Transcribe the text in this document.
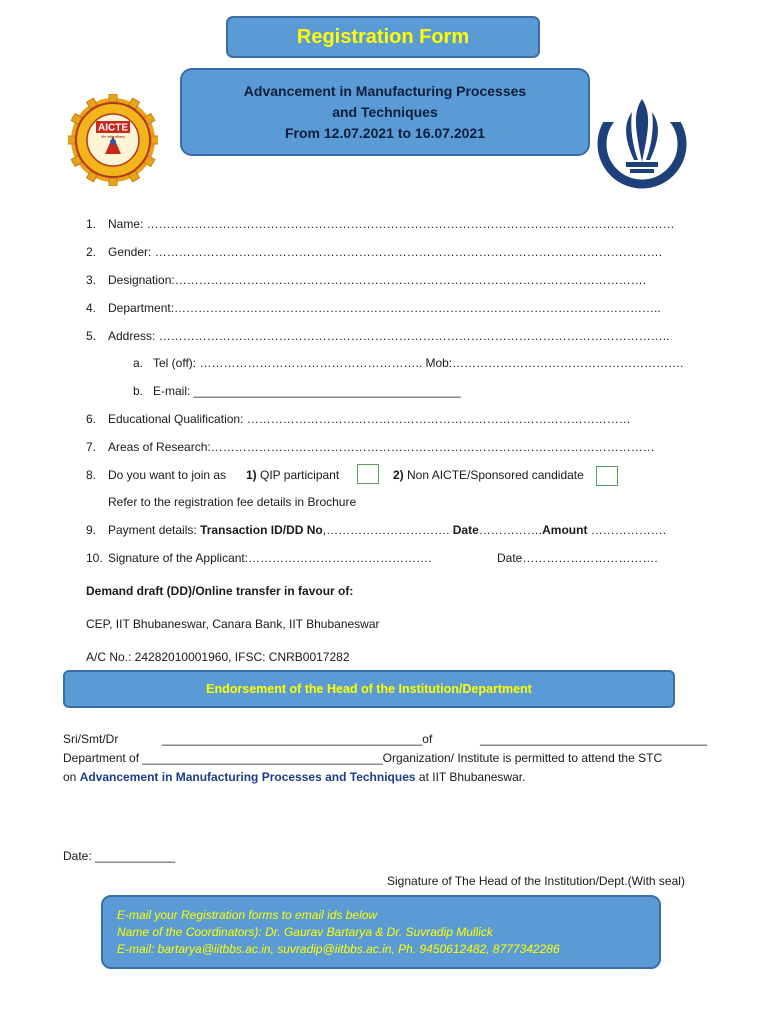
Registration Form
Advancement in Manufacturing Processes
and Techniques
From 12.07.2021 to 16.07.2021
AICTE
योग: कर्मसु कौशलम्
1. Name: ……………………………………………………………………………………………………………………
2. Gender: ……………………………………………………………………………………………………………….
3. Designation:……………………………………………………………………………………………………….
4. Department:…………………………………………………………………………………………………………..
5. Address: ………………………………………………………………………………………………………………..
a. Tel (off): ……………………………………………….. Mob:………………………………………………….
b. E-mail: ________________________________________
6. Educational Qualification: ……………………………………………………………………………………
7. Areas of Research:…………………………………………………………………………………………………
8. Do you want to join as 1) QIP participant	2) Non AICTE/Sponsored candidate
Refer to the registration fee details in Brochure
9. Payment details: Transaction ID/DD No,…………………………. Date…………….Amount ……………….
10. Signature of the Applicant:……………………………………….	Date…………………………….
Demand draft (DD)/Online transfer in favour of:
CEP, IIT Bhubaneswar, Canara Bank, IIT Bhubaneswar
A/C No.: 24282010001960, IFSC: CNRB0017282
Endorsement of the Head of the Institution/Department
Sri/Smt/Dr	_______________________________________of	__________________________________
Department of ____________________________________Organization/ Institute is permitted to attend the STC
on Advancement in Manufacturing Processes and Techniques at IIT Bhubaneswar.
Date: ____________
Signature of The Head of the Institution/Dept.(With seal)
E-mail your Registration forms to email ids below
Name of the Coordinators): Dr. Gaurav Bartarya & Dr. Suvradip Mullick
E-mail: bartarya@iitbbs.ac.in, suvradip@iitbbs.ac.in, Ph. 9450612482, 8777342286
